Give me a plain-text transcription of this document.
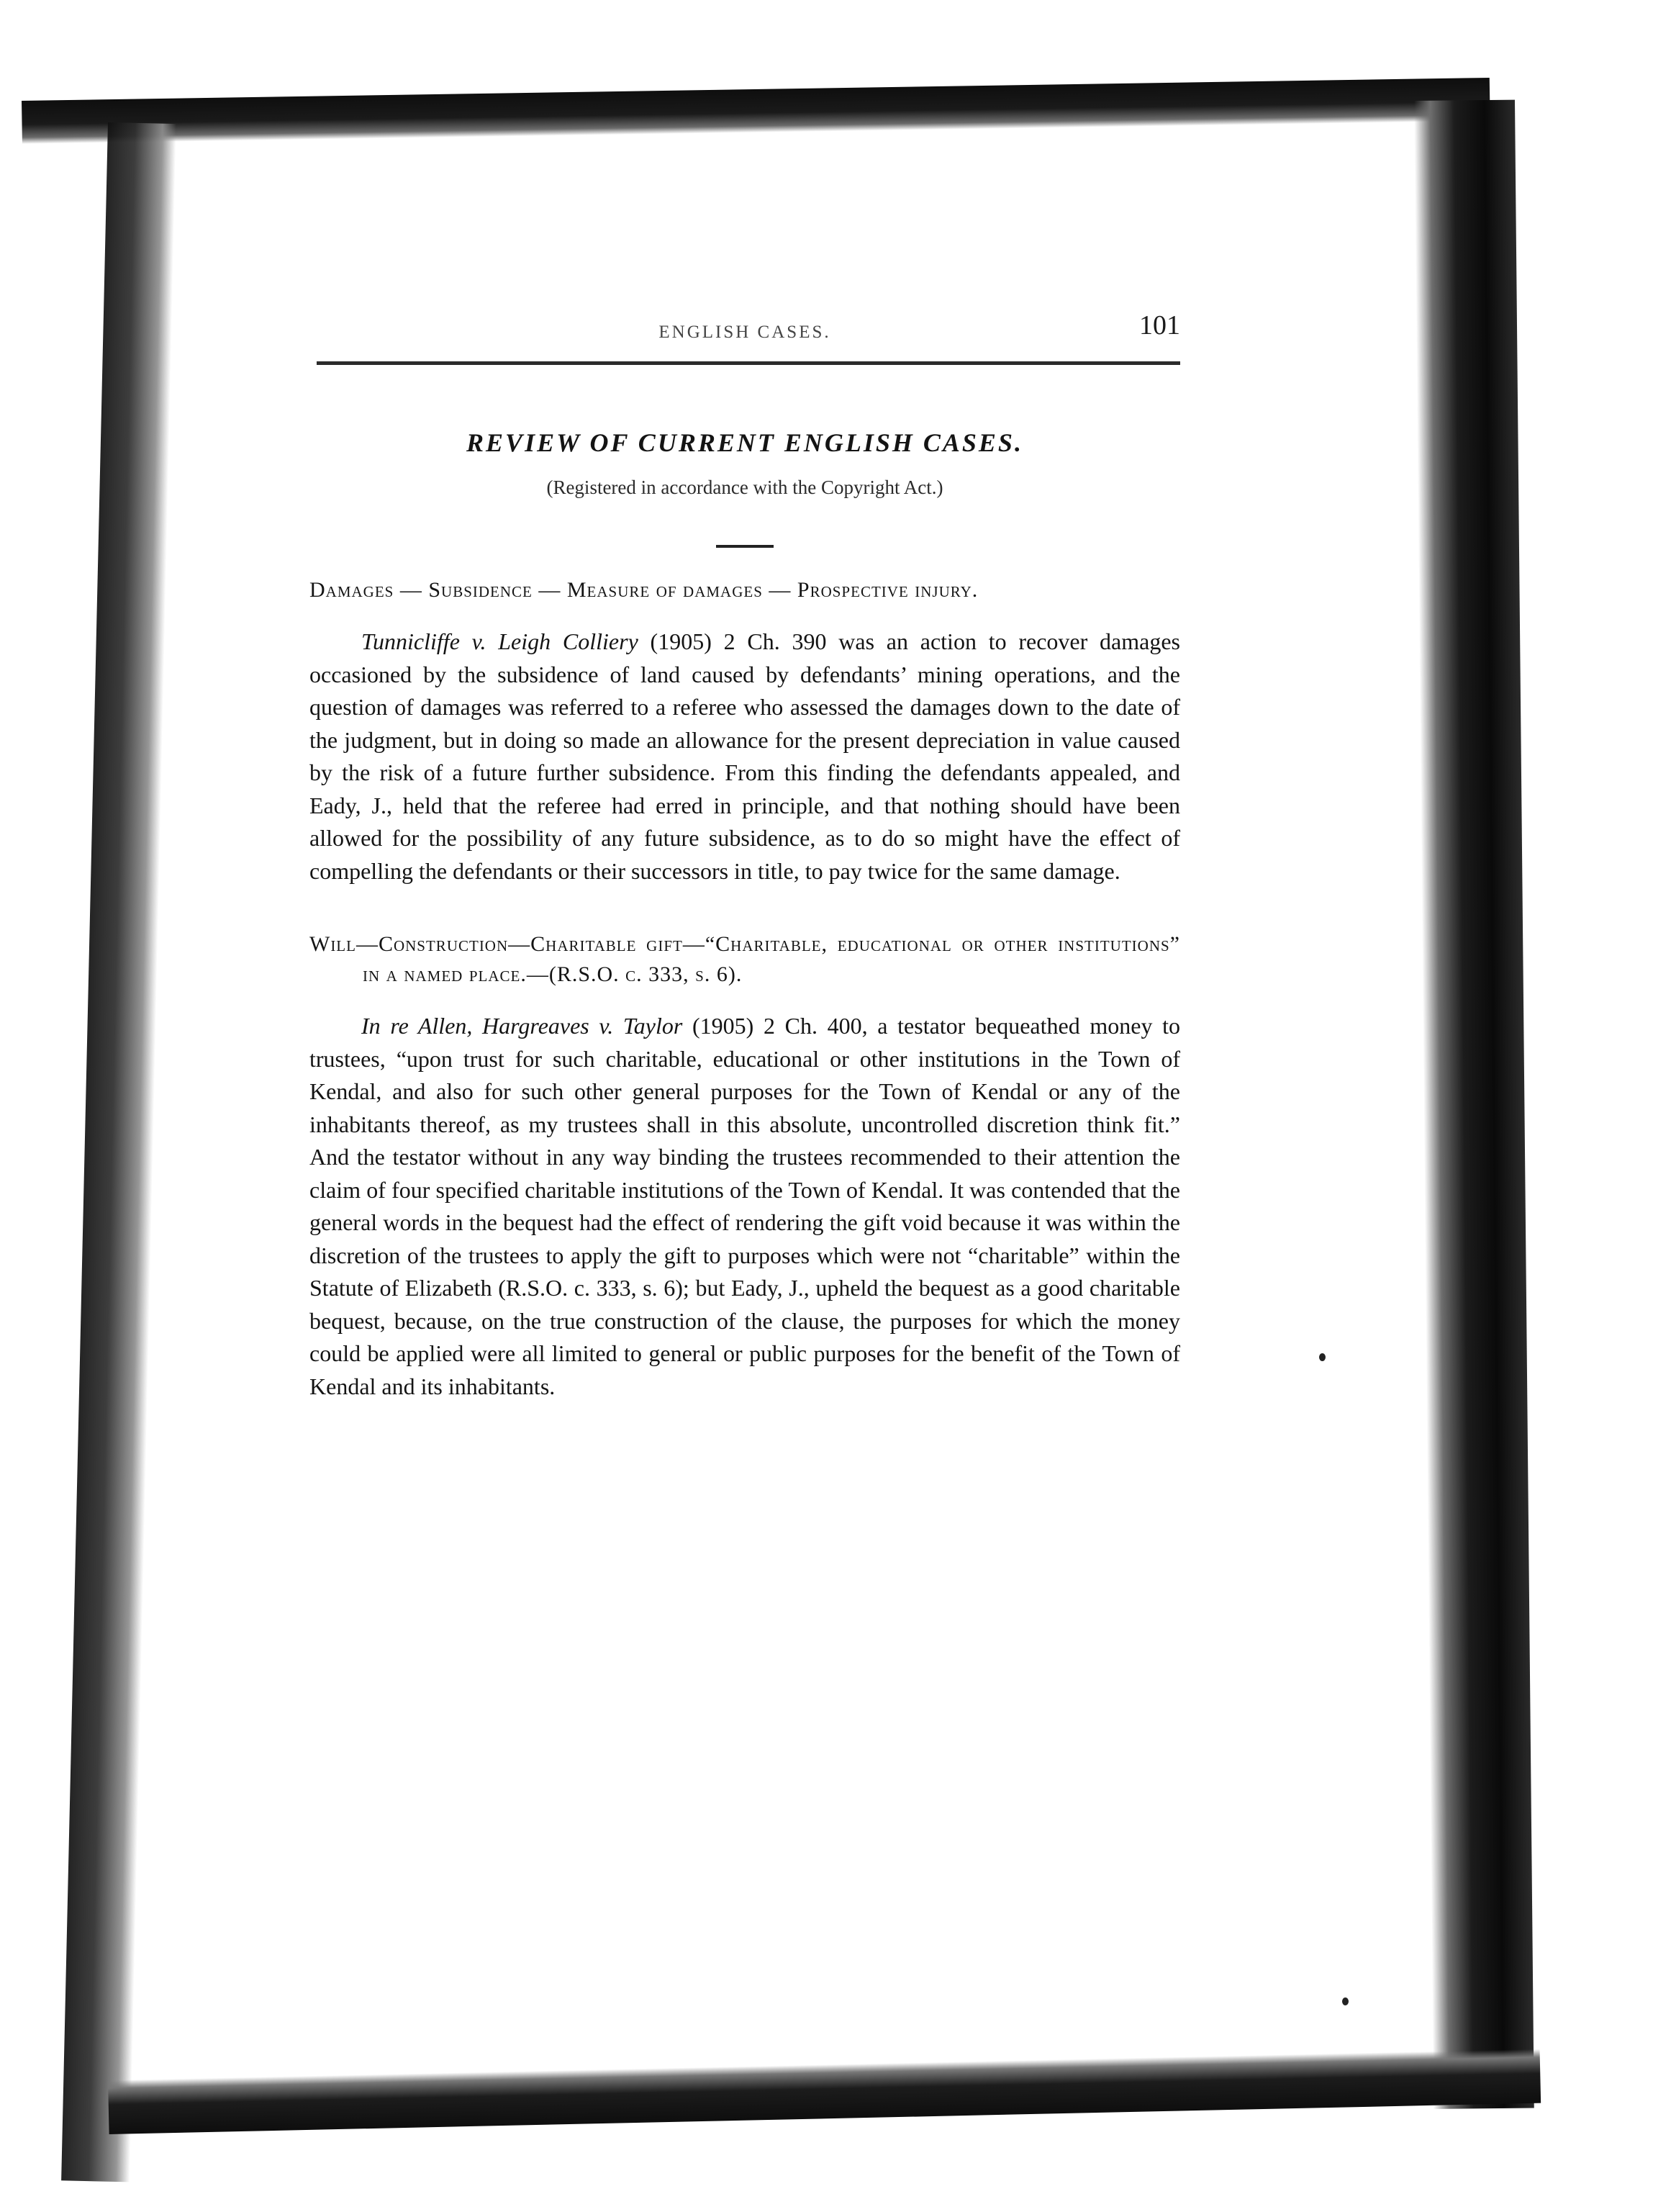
ENGLISH CASES.	101
REVIEW OF CURRENT ENGLISH CASES.
(Registered in accordance with the Copyright Act.)
Damages — Subsidence — Measure of damages — Prospective injury.

Tunnicliffe v. Leigh Colliery (1905) 2 Ch. 390 was an action to recover damages occasioned by the subsidence of land caused by defendants’ mining operations, and the question of damages was referred to a referee who assessed the damages down to the date of the judgment, but in doing so made an allowance for the present depreciation in value caused by the risk of a future further subsidence. From this finding the defendants appealed, and Eady, J., held that the referee had erred in principle, and that nothing should have been allowed for the possibility of any future subsidence, as to do so might have the effect of compelling the defendants or their successors in title, to pay twice for the same damage.

Will—Construction—Charitable gift—“Charitable, educational or other institutions” in a named place.—(R.S.O. c. 333, s. 6).

In re Allen, Hargreaves v. Taylor (1905) 2 Ch. 400, a testator bequeathed money to trustees, “upon trust for such charitable, educational or other institutions in the Town of Kendal, and also for such other general purposes for the Town of Kendal or any of the inhabitants thereof, as my trustees shall in this absolute, uncontrolled discretion think fit.” And the testator without in any way binding the trustees recommended to their attention the claim of four specified charitable institutions of the Town of Kendal. It was contended that the general words in the bequest had the effect of rendering the gift void because it was within the discretion of the trustees to apply the gift to purposes which were not “charitable” within the Statute of Elizabeth (R.S.O. c. 333, s. 6); but Eady, J., upheld the bequest as a good charitable bequest, because, on the true construction of the clause, the purposes for which the money could be applied were all limited to general or public purposes for the benefit of the Town of Kendal and its inhabitants.
